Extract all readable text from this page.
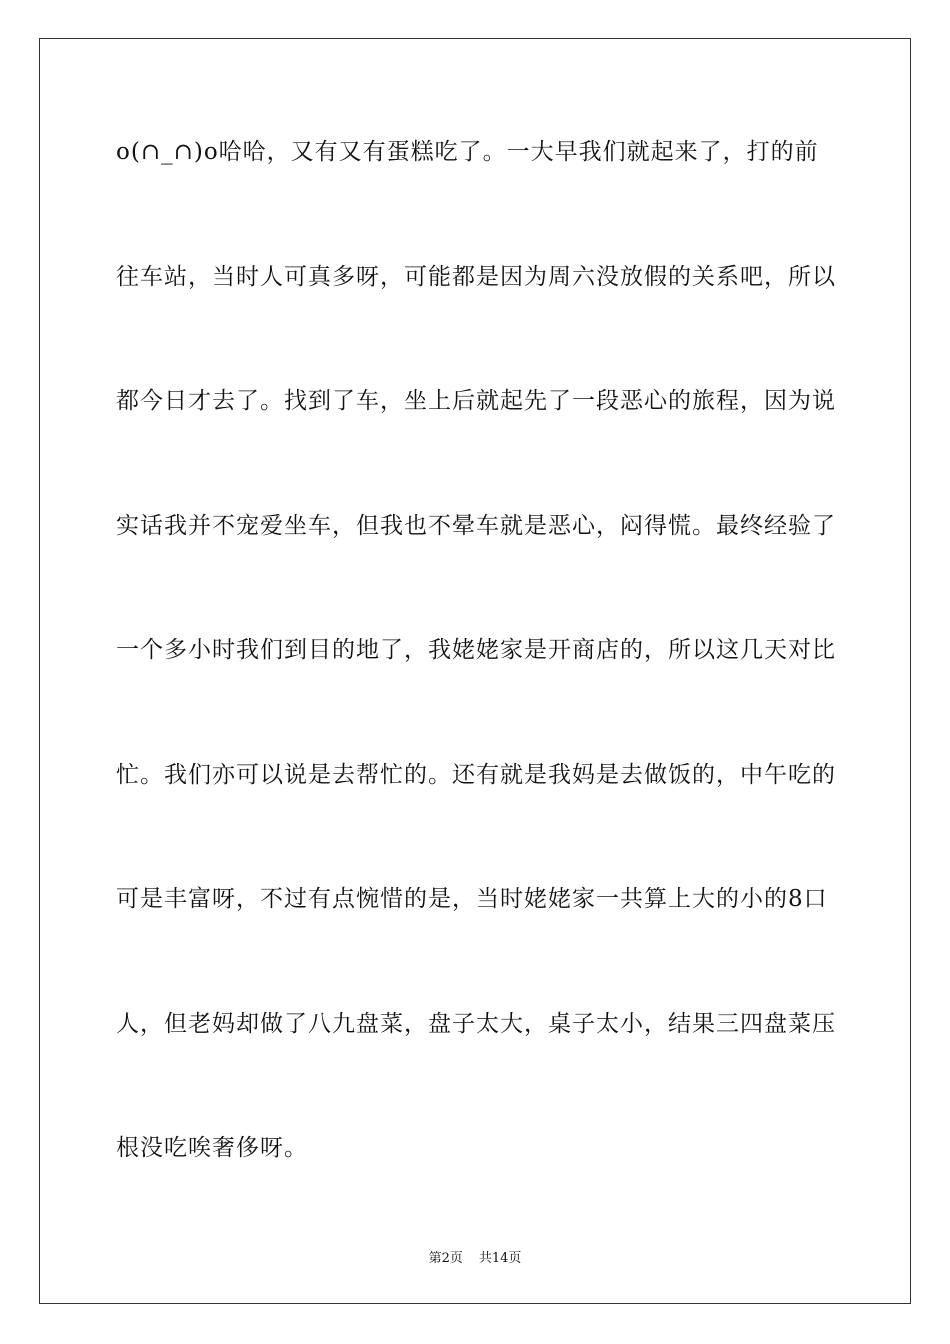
o(∩_∩)o哈哈，又有又有蛋糕吃了。一大早我们就起来了，打的前
往车站，当时人可真多呀，可能都是因为周六没放假的关系吧，所以
都今日才去了。找到了车，坐上后就起先了一段恶心的旅程，因为说
实话我并不宠爱坐车，但我也不晕车就是恶心，闷得慌。最终经验了
一个多小时我们到目的地了，我姥姥家是开商店的，所以这几天对比
忙。我们亦可以说是去帮忙的。还有就是我妈是去做饭的，中午吃的
可是丰富呀，不过有点惋惜的是，当时姥姥家一共算上大的小的8口
人，但老妈却做了八九盘菜，盘子太大，桌子太小，结果三四盘菜压
根没吃唉奢侈呀。
第2页 共14页
